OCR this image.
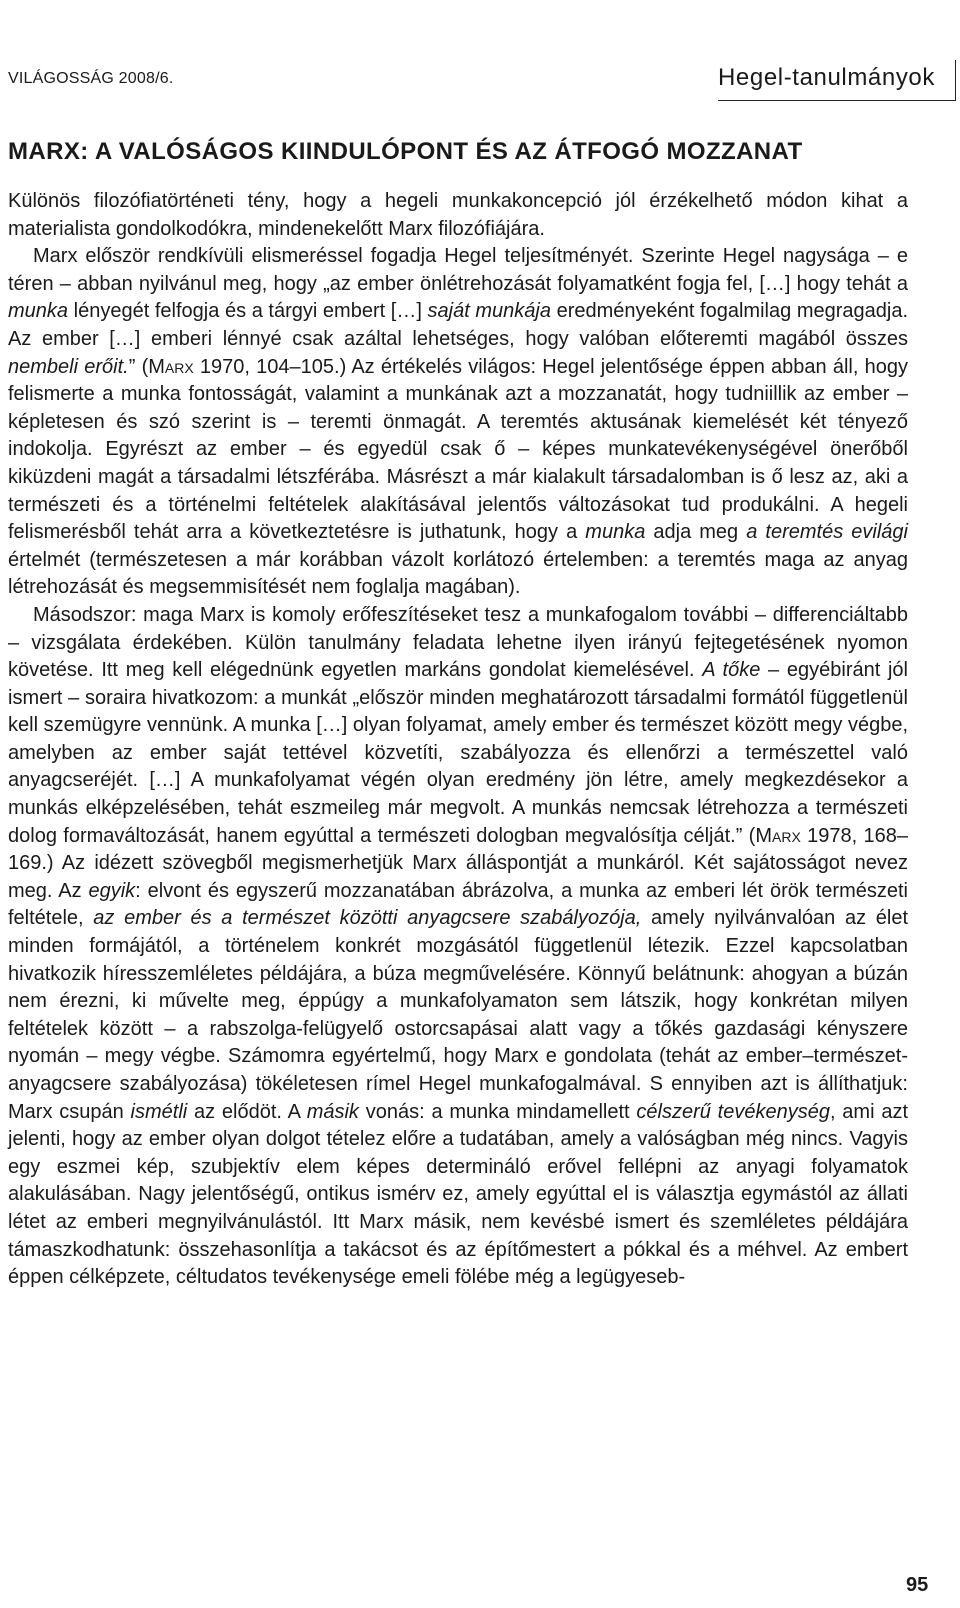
VILÁGOSSÁG 2008/6.	Hegel-tanulmányok
MARX: A VALÓSÁGOS KIINDULÓPONT ÉS AZ ÁTFOGÓ MOZZANAT

Különös filozófiatörténeti tény, hogy a hegeli munkakoncepció jól érzékelhető módon kihat a materialista gondolkodókra, mindenekelőtt Marx filozófiájára.

Marx először rendkívüli elismeréssel fogadja Hegel teljesítményét. Szerinte Hegel nagysága – e téren – abban nyilvánul meg, hogy „az ember önlétrehozását folyamatként fogja fel, […] hogy tehát a munka lényegét felfogja és a tárgyi embert […] saját munkája eredményeként fogalmilag megragadja. Az ember […] emberi lénnyé csak azáltal lehetséges, hogy valóban előteremti magából összes nembeli erőit.” (Marx 1970, 104–105.) Az értékelés világos: Hegel jelentősége éppen abban áll, hogy felismerte a munka fontosságát, valamint a munkának azt a mozzanatát, hogy tudniillik az ember – képletesen és szó szerint is – teremti önmagát. A teremtés aktusának kiemelését két tényező indokolja. Egyrészt az ember – és egyedül csak ő – képes munkatevékenységével önerőből kiküzdeni magát a társadalmi létszférába. Másrészt a már kialakult társadalomban is ő lesz az, aki a természeti és a történelmi feltételek alakításával jelentős változásokat tud produkálni. A hegeli felismerésből tehát arra a következtetésre is juthatunk, hogy a munka adja meg a teremtés evilági értelmét (természetesen a már korábban vázolt korlátozó értelemben: a teremtés maga az anyag létrehozását és megsemmisítését nem foglalja magában).

Másodszor: maga Marx is komoly erőfeszítéseket tesz a munkafogalom további – differenciáltabb – vizsgálata érdekében. Külön tanulmány feladata lehetne ilyen irányú fejtegetésének nyomon követése. Itt meg kell elégednünk egyetlen markáns gondolat kiemelésével. A tőke – egyébiránt jól ismert – soraira hivatkozom: a munkát „először minden meghatározott társadalmi formától függetlenül kell szemügyre vennünk. A munka […] olyan folyamat, amely ember és természet között megy végbe, amelyben az ember saját tettével közvetíti, szabályozza és ellenőrzi a természettel való anyagcseréjét. […] A munkafolyamat végén olyan eredmény jön létre, amely megkezdésekor a munkás elképzelésében, tehát eszmeileg már megvolt. A munkás nemcsak létrehozza a természeti dolog formaváltozását, hanem egyúttal a természeti dologban megvalósítja célját.” (Marx 1978, 168–169.) Az idézett szövegből megismerhetjük Marx álláspontját a munkáról. Két sajátosságot nevez meg. Az egyik: elvont és egyszerű mozzanatában ábrázolva, a munka az emberi lét örök természeti feltétele, az ember és a természet közötti anyagcsere szabályozója, amely nyilvánvalóan az élet minden formájától, a történelem konkrét mozgásától függetlenül létezik. Ezzel kapcsolatban hivatkozik híresszemléletes példájára, a búza megművelésére. Könnyű belátnunk: ahogyan a búzán nem érezni, ki művelte meg, éppúgy a munkafolyamaton sem látszik, hogy konkrétan milyen feltételek között – a rabszolga-felügyelő ostorcsapásai alatt vagy a tőkés gazdasági kényszere nyomán – megy végbe. Számomra egyértelmű, hogy Marx e gondolata (tehát az ember–természet-anyagcsere szabályozása) tökéletesen rímel Hegel munkafogalmával. S ennyiben azt is állíthatjuk: Marx csupán ismétli az elődöt. A másik vonás: a munka mindamellett célszerű tevékenység, ami azt jelenti, hogy az ember olyan dolgot tételez előre a tudatában, amely a valóságban még nincs. Vagyis egy eszmei kép, szubjektív elem képes determináló erővel fellépni az anyagi folyamatok alakulásában. Nagy jelentőségű, ontikus ismérv ez, amely egyúttal el is választja egymástól az állati létet az emberi megnyilvánulástól. Itt Marx másik, nem kevésbé ismert és szemléletes példájára támaszkodhatunk: összehasonlítja a takácsot és az építőmestert a pókkal és a méhvel. Az embert éppen célképzete, céltudatos tevékenysége emeli fölébe még a legügyeseb-

95
